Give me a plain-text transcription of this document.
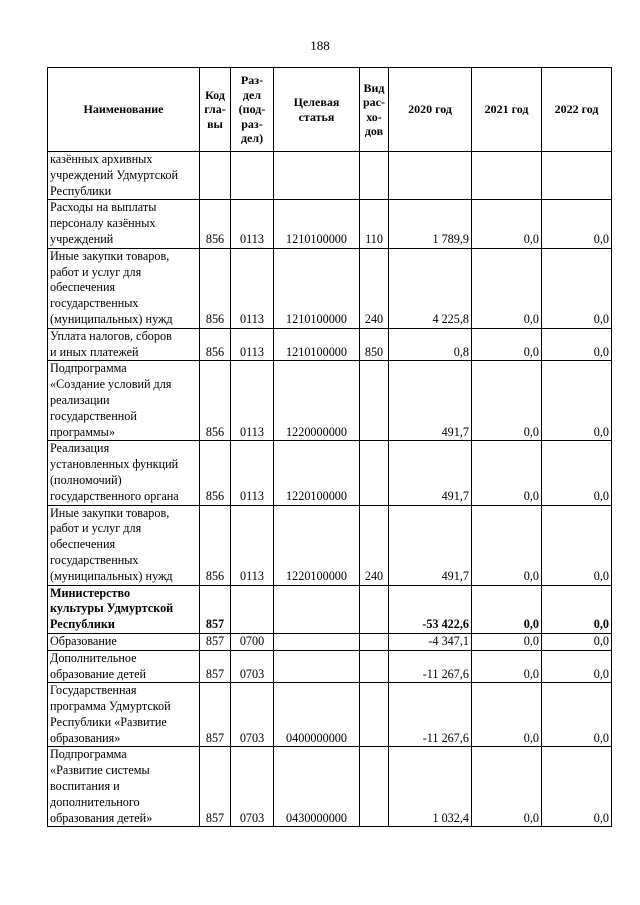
188
Наименование	Код
гла-
вы	Раз-
дел
(под-
раз-
дел)	Целевая
статья	Вид
рас-
хо-
дов	2020 год	2021 год	2022 год
казённых архивных
учреждений Удмуртской
Республики							
Расходы на выплаты
персоналу казённых
учреждений	856	0113	1210100000	110	1 789,9	0,0	0,0
Иные закупки товаров,
работ и услуг для
обеспечения
государственных
(муниципальных) нужд	856	0113	1210100000	240	4 225,8	0,0	0,0
Уплата налогов, сборов
и иных платежей	856	0113	1210100000	850	0,8	0,0	0,0
Подпрограмма
«Создание условий для
реализации
государственной
программы»	856	0113	1220000000		491,7	0,0	0,0
Реализация
установленных функций
(полномочий)
государственного органа	856	0113	1220100000		491,7	0,0	0,0
Иные закупки товаров,
работ и услуг для
обеспечения
государственных
(муниципальных) нужд	856	0113	1220100000	240	491,7	0,0	0,0
Министерство
культуры Удмуртской
Республики	857				-53 422,6	0,0	0,0
Образование	857	0700			-4 347,1	0,0	0,0
Дополнительное
образование детей	857	0703			-11 267,6	0,0	0,0
Государственная
программа Удмуртской
Республики «Развитие
образования»	857	0703	0400000000		-11 267,6	0,0	0,0
Подпрограмма
«Развитие системы
воспитания и
дополнительного
образования детей»	857	0703	0430000000		1 032,4	0,0	0,0
